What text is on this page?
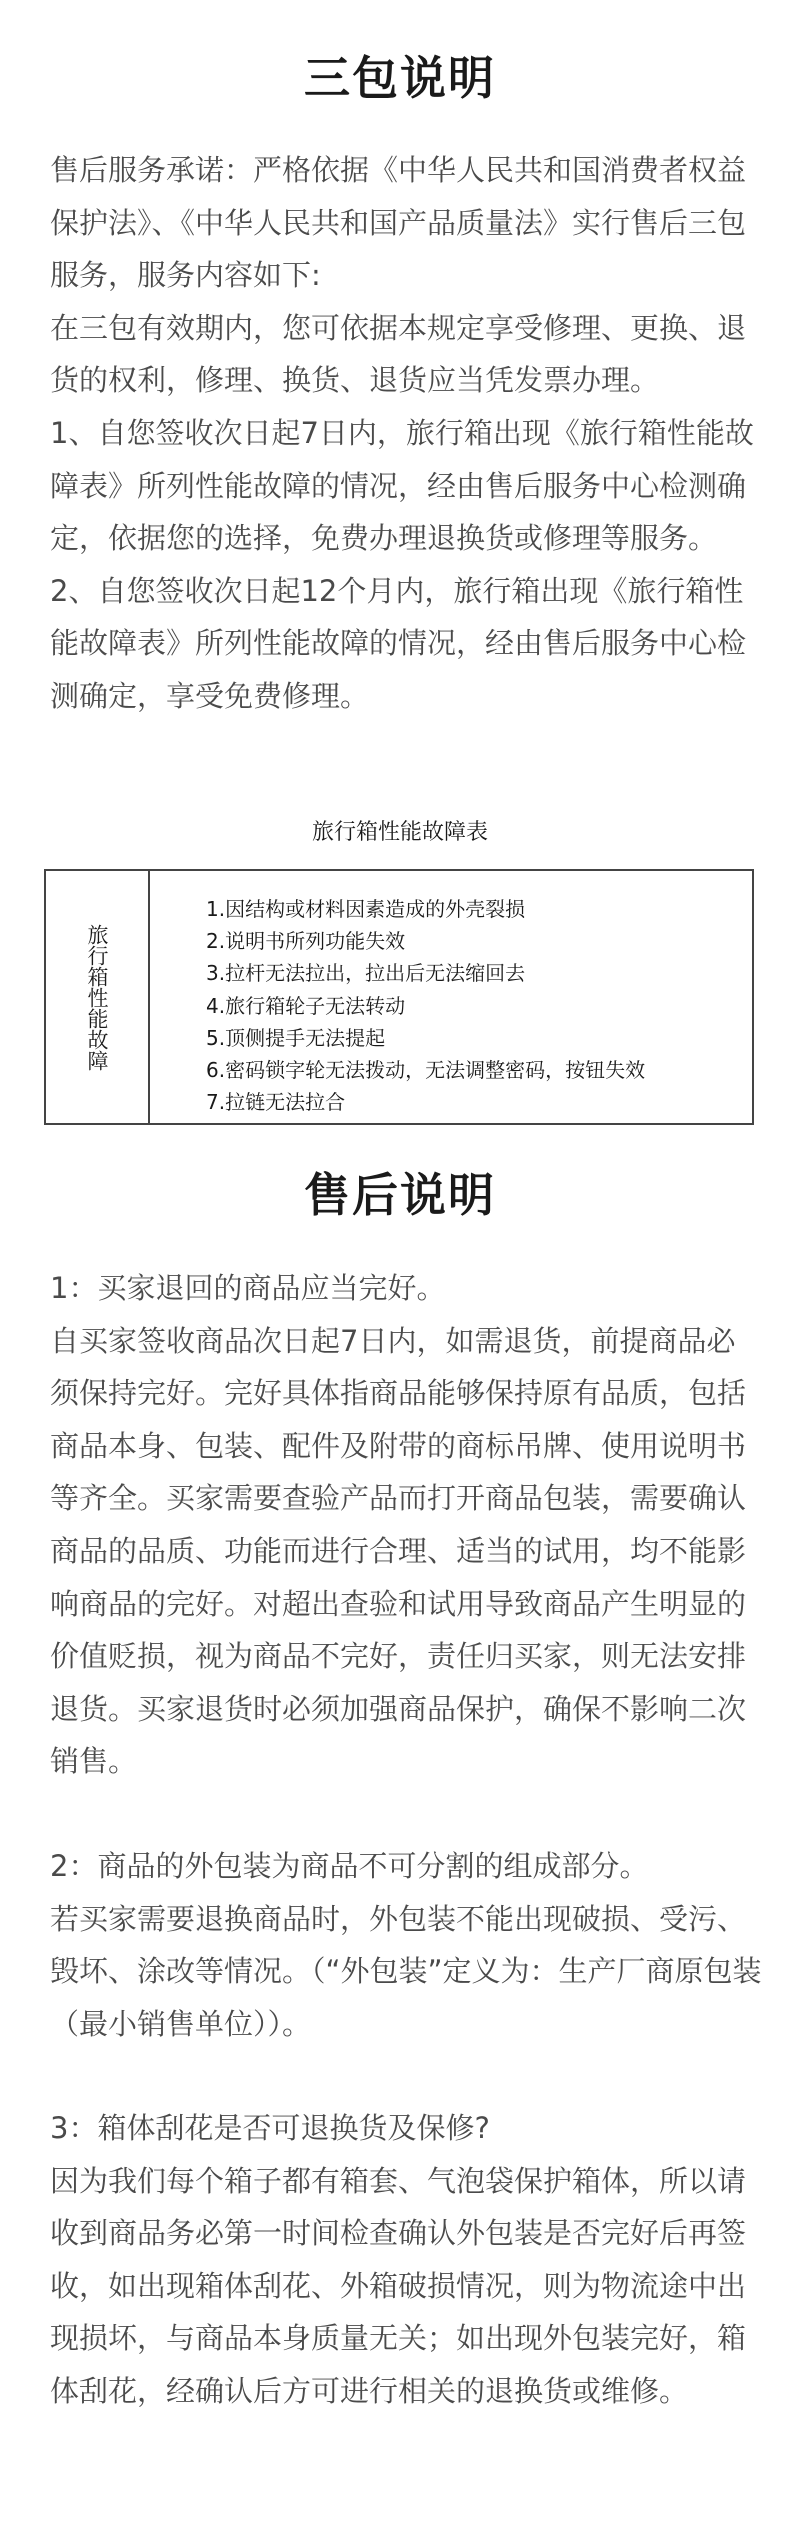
三包说明

售后服务承诺：严格依据《中华人民共和国消费者权益保护法》、《中华人民共和国产品质量法》实行售后三包服务，服务内容如下:

在三包有效期内，您可依据本规定享受修理、更换、退货的权利，修理、换货、退货应当凭发票办理。

1、自您签收次日起7日内，旅行箱出现《旅行箱性能故障表》所列性能故障的情况，经由售后服务中心检测确定，依据您的选择，免费办理退换货或修理等服务。

2、自您签收次日起12个月内，旅行箱出现《旅行箱性能故障表》所列性能故障的情况，经由售后服务中心检测确定，享受免费修理。

旅行箱性能故障表
旅行箱性能故障
1.因结构或材料因素造成的外壳裂损
2.说明书所列功能失效
3.拉杆无法拉出，拉出后无法缩回去
4.旅行箱轮子无法转动
5.顶侧提手无法提起
6.密码锁字轮无法拨动，无法调整密码，按钮失效
7.拉链无法拉合
售后说明

1：买家退回的商品应当完好。

自买家签收商品次日起7日内，如需退货，前提商品必须保持完好。完好具体指商品能够保持原有品质，包括商品本身、包装、配件及附带的商标吊牌、使用说明书等齐全。买家需要查验产品而打开商品包装，需要确认商品的品质、功能而进行合理、适当的试用，均不能影响商品的完好。对超出查验和试用导致商品产生明显的价值贬损，视为商品不完好，责任归买家，则无法安排退货。买家退货时必须加强商品保护，确保不影响二次销售。

2：商品的外包装为商品不可分割的组成部分。

若买家需要退换商品时，外包装不能出现破损、受污、毁坏、涂改等情况。（“外包装”定义为：生产厂商原包装（最小销售单位））。

3：箱体刮花是否可退换货及保修?

因为我们每个箱子都有箱套、气泡袋保护箱体，所以请收到商品务必第一时间检查确认外包装是否完好后再签收，如出现箱体刮花、外箱破损情况，则为物流途中出现损坏，与商品本身质量无关；如出现外包装完好，箱体刮花，经确认后方可进行相关的退换货或维修。
